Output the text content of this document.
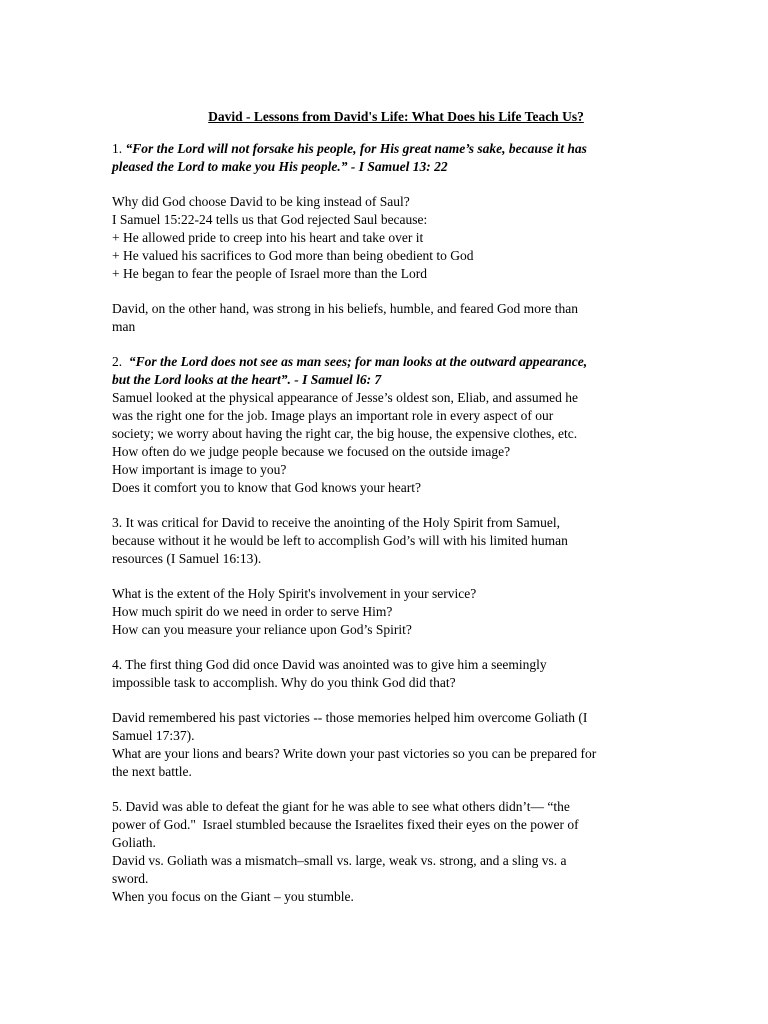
David - Lessons from David's Life: What Does his Life Teach Us?
1. “For the Lord will not forsake his people, for His great name’s sake, because it has
pleased the Lord to make you His people.” - I Samuel 13: 22
Why did God choose David to be king instead of Saul?
I Samuel 15:22-24 tells us that God rejected Saul because:
+ He allowed pride to creep into his heart and take over it
+ He valued his sacrifices to God more than being obedient to God
+ He began to fear the people of Israel more than the Lord
David, on the other hand, was strong in his beliefs, humble, and feared God more than
man
2.  “For the Lord does not see as man sees; for man looks at the outward appearance,
but the Lord looks at the heart”. - I Samuel l6: 7
Samuel looked at the physical appearance of Jesse’s oldest son, Eliab, and assumed he
was the right one for the job. Image plays an important role in every aspect of our
society; we worry about having the right car, the big house, the expensive clothes, etc.
How often do we judge people because we focused on the outside image?
How important is image to you?
Does it comfort you to know that God knows your heart?
3. It was critical for David to receive the anointing of the Holy Spirit from Samuel,
because without it he would be left to accomplish God’s will with his limited human
resources (I Samuel 16:13).
What is the extent of the Holy Spirit's involvement in your service?
How much spirit do we need in order to serve Him?
How can you measure your reliance upon God’s Spirit?
4. The first thing God did once David was anointed was to give him a seemingly
impossible task to accomplish. Why do you think God did that?
David remembered his past victories -- those memories helped him overcome Goliath (I
Samuel 17:37).
What are your lions and bears? Write down your past victories so you can be prepared for
the next battle.
5. David was able to defeat the giant for he was able to see what others didn’t— “the
power of God."  Israel stumbled because the Israelites fixed their eyes on the power of
Goliath.
David vs. Goliath was a mismatch–small vs. large, weak vs. strong, and a sling vs. a
sword.
When you focus on the Giant – you stumble.
